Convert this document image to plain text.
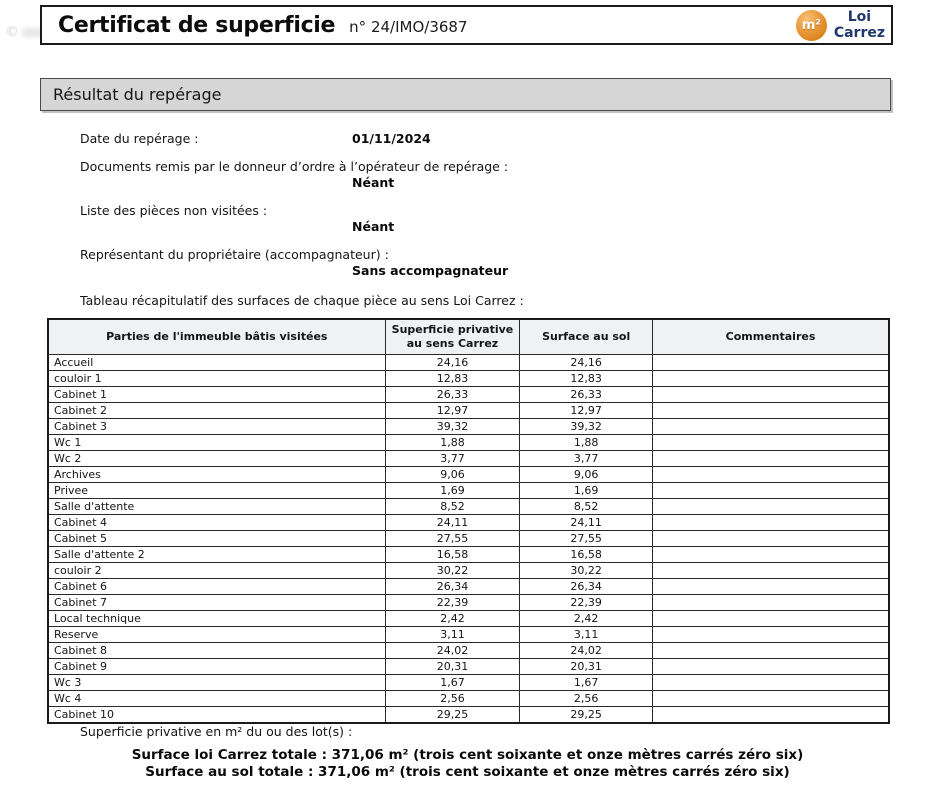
© Certificat de superficie n° 24/IMO/3687	m²
Loi
Carrez
Résultat du repérage
Date du repérage :	01/11/2024
Documents remis par le donneur d’ordre à l’opérateur de repérage :
Néant
Liste des pièces non visitées :
Néant
Représentant du propriétaire (accompagnateur) :
Sans accompagnateur
Tableau récapitulatif des surfaces de chaque pièce au sens Loi Carrez :
Parties de l'immeuble bâtis visitées	Superficie privative au sens Carrez	Surface au sol	Commentaires
Accueil	24,16	24,16	
couloir 1	12,83	12,83	
Cabinet 1	26,33	26,33	
Cabinet 2	12,97	12,97	
Cabinet 3	39,32	39,32	
Wc 1	1,88	1,88	
Wc 2	3,77	3,77	
Archives	9,06	9,06	
Privee	1,69	1,69	
Salle d'attente	8,52	8,52	
Cabinet 4	24,11	24,11	
Cabinet 5	27,55	27,55	
Salle d'attente 2	16,58	16,58	
couloir 2	30,22	30,22	
Cabinet 6	26,34	26,34	
Cabinet 7	22,39	22,39	
Local technique	2,42	2,42	
Reserve	3,11	3,11	
Cabinet 8	24,02	24,02	
Cabinet 9	20,31	20,31	
Wc 3	1,67	1,67	
Wc 4	2,56	2,56	
Cabinet 10	29,25	29,25	
Superficie privative en m² du ou des lot(s) :
Surface loi Carrez totale : 371,06 m² (trois cent soixante et onze mètres carrés zéro six)
Surface au sol totale : 371,06 m² (trois cent soixante et onze mètres carrés zéro six)
